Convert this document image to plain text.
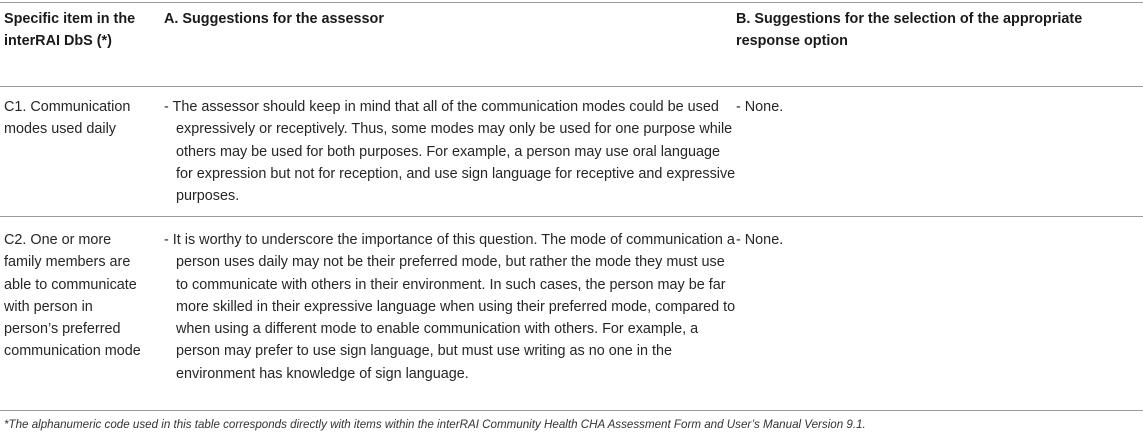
Specific item in the interRAI DbS (*)
A. Suggestions for the assessor	B. Suggestions for the selection of the appropriate response option
C1. Communication modes used daily
- The assessor should keep in mind that all of the communication modes could be used expressively or receptively. Thus, some modes may only be used for one purpose while others may be used for both purposes. For example, a person may use oral language for expression but not for reception, and use sign language for receptive and expressive purposes.
- None.
C2. One or more family members are able to communicate with person in person’s preferred communication mode
- It is worthy to underscore the importance of this question. The mode of communication a person uses daily may not be their preferred mode, but rather the mode they must use to communicate with others in their environment. In such cases, the person may be far more skilled in their expressive language when using their preferred mode, compared to when using a different mode to enable communication with others. For example, a person may prefer to use sign language, but must use writing as no one in the environment has knowledge of sign language.
- None.
*The alphanumeric code used in this table corresponds directly with items within the interRAI Community Health CHA Assessment Form and User’s Manual Version 9.1.
